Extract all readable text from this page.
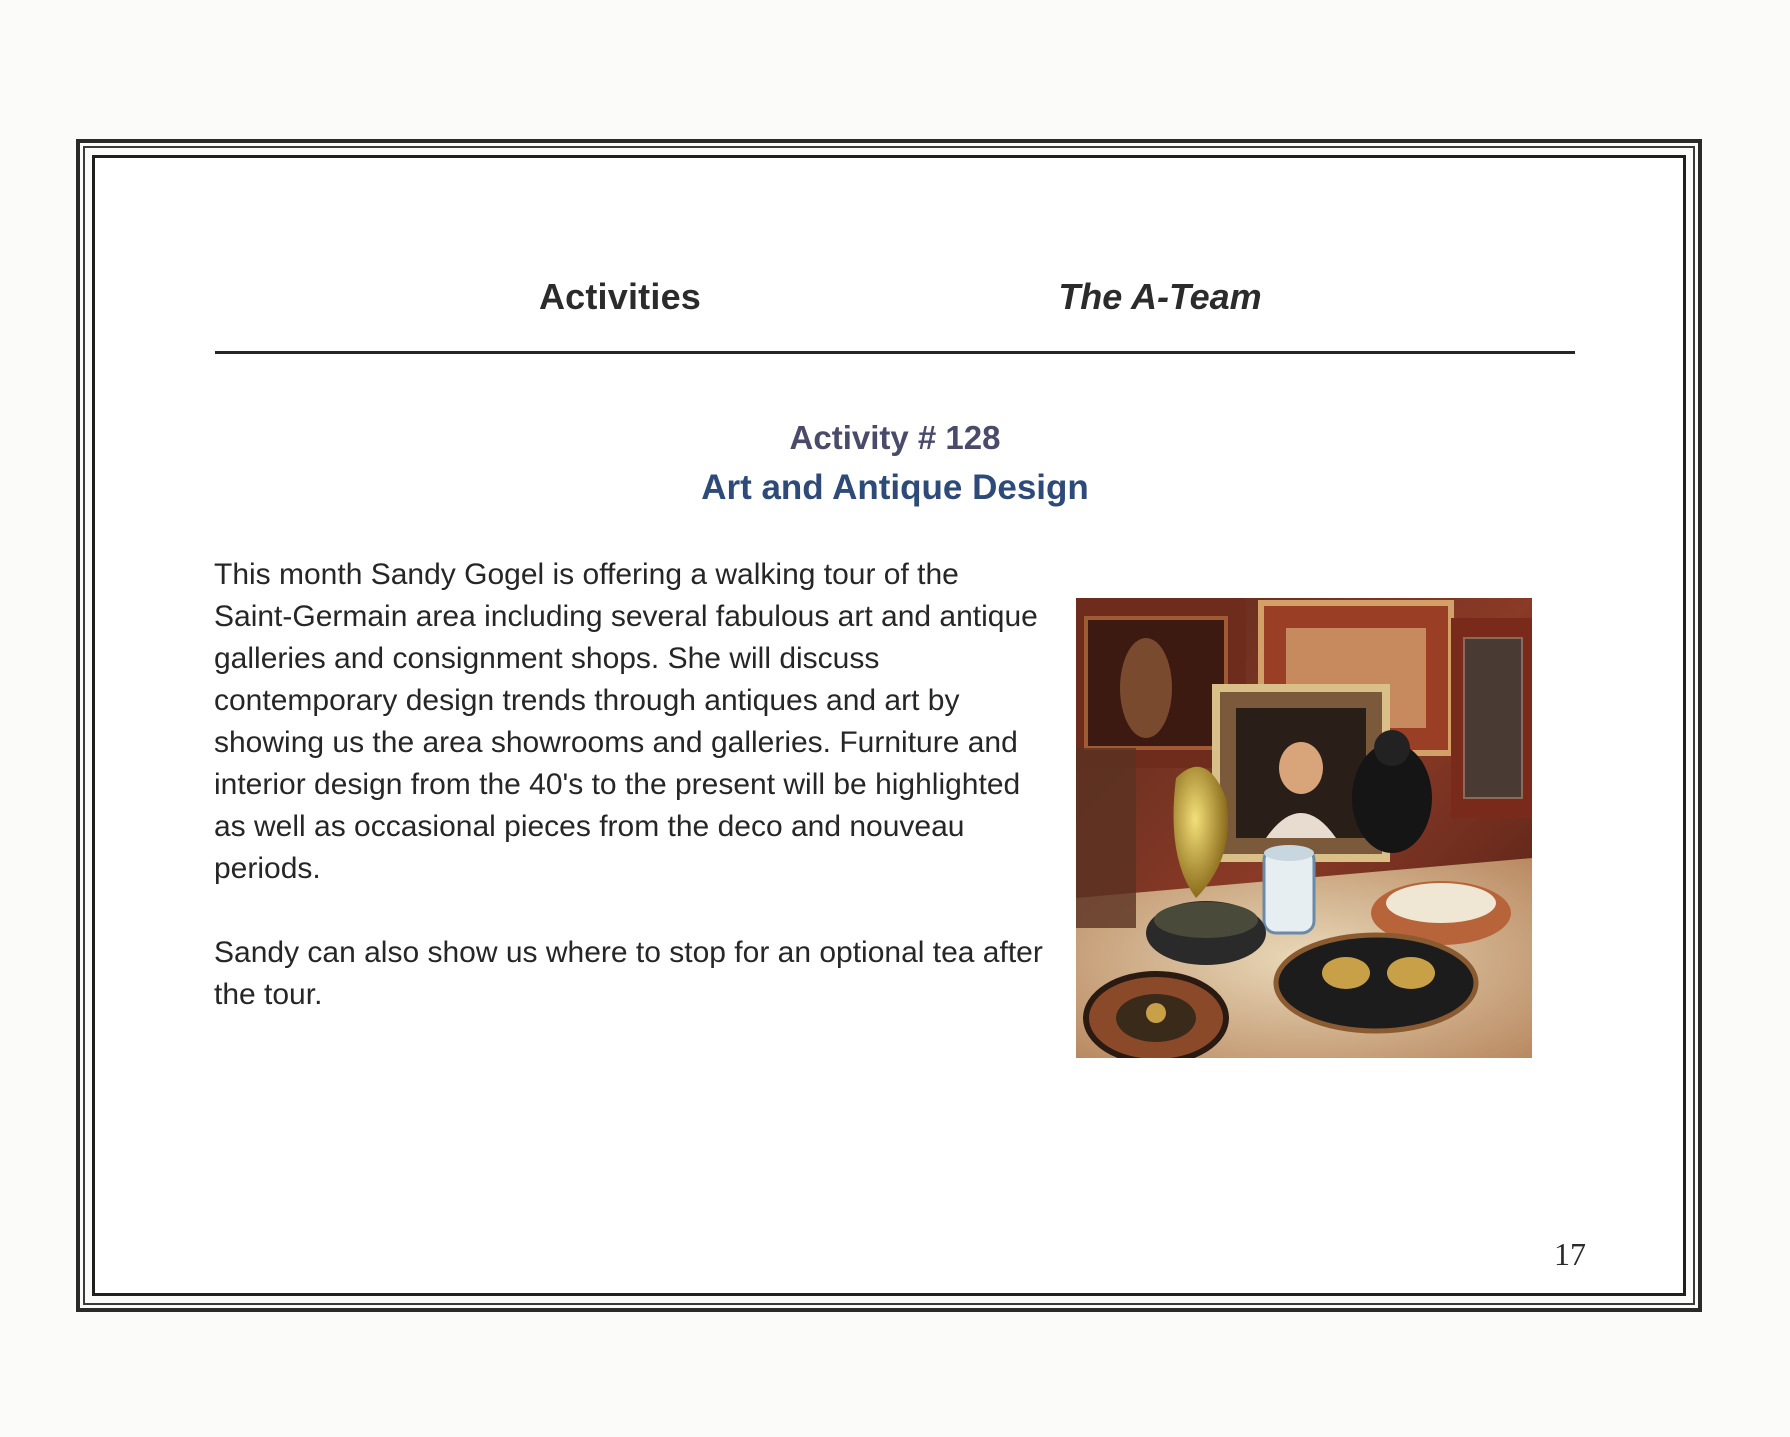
Activities	The A-Team
Activity # 128
Art and Antique Design

This month Sandy Gogel is offering a walking tour of the Saint-Germain area including several fabulous art and antique galleries and consignment shops. She will discuss contemporary design trends through antiques and art by showing us the area showrooms and galleries. Furniture and interior design from the 40's to the present will be highlighted as well as occasional pieces from the deco and nouveau periods.

Sandy can also show us where to stop for an optional tea after the tour.

17
